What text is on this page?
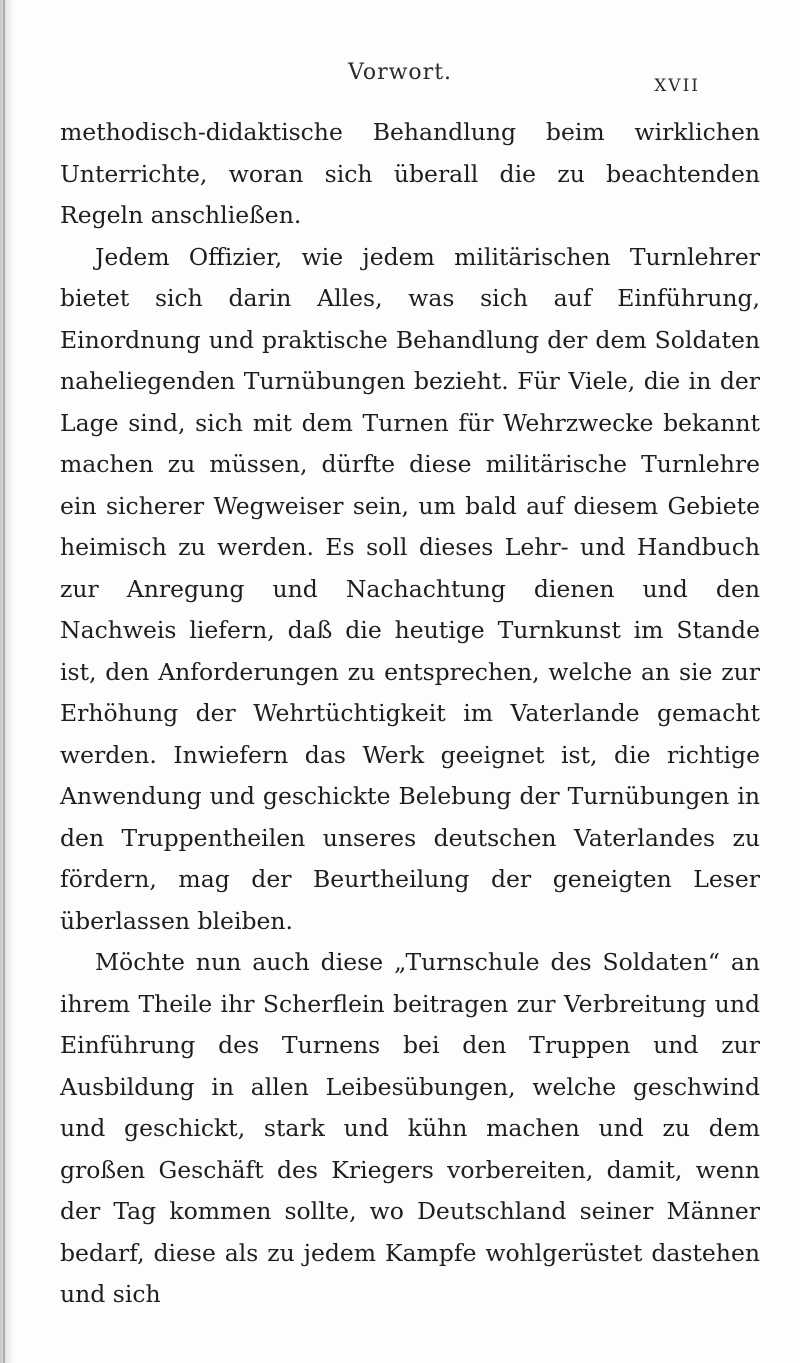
Vorwort.
XVII

methodisch-didaktische Behandlung beim wirklichen Unterrichte, woran sich überall die zu beachtenden Regeln anschließen.

Jedem Offizier, wie jedem militärischen Turnlehrer bietet sich darin Alles, was sich auf Einführung, Einordnung und praktische Behandlung der dem Soldaten naheliegenden Turnübungen bezieht. Für Viele, die in der Lage sind, sich mit dem Turnen für Wehrzwecke bekannt machen zu müssen, dürfte diese militärische Turnlehre ein sicherer Wegweiser sein, um bald auf diesem Gebiete heimisch zu werden. Es soll dieses Lehr- und Handbuch zur Anregung und Nachachtung dienen und den Nachweis liefern, daß die heutige Turnkunst im Stande ist, den Anforderungen zu entsprechen, welche an sie zur Erhöhung der Wehrtüchtigkeit im Vaterlande gemacht werden. Inwiefern das Werk geeignet ist, die richtige Anwendung und geschickte Belebung der Turnübungen in den Truppentheilen unseres deutschen Vaterlandes zu fördern, mag der Beurtheilung der geneigten Leser überlassen bleiben.

Möchte nun auch diese „Turnschule des Soldaten“ an ihrem Theile ihr Scherflein beitragen zur Verbreitung und Einführung des Turnens bei den Truppen und zur Ausbildung in allen Leibesübungen, welche geschwind und geschickt, stark und kühn machen und zu dem großen Geschäft des Kriegers vorbereiten, damit, wenn der Tag kommen sollte, wo Deutschland seiner Männer bedarf, diese als zu jedem Kampfe wohlgerüstet dastehen und sich
